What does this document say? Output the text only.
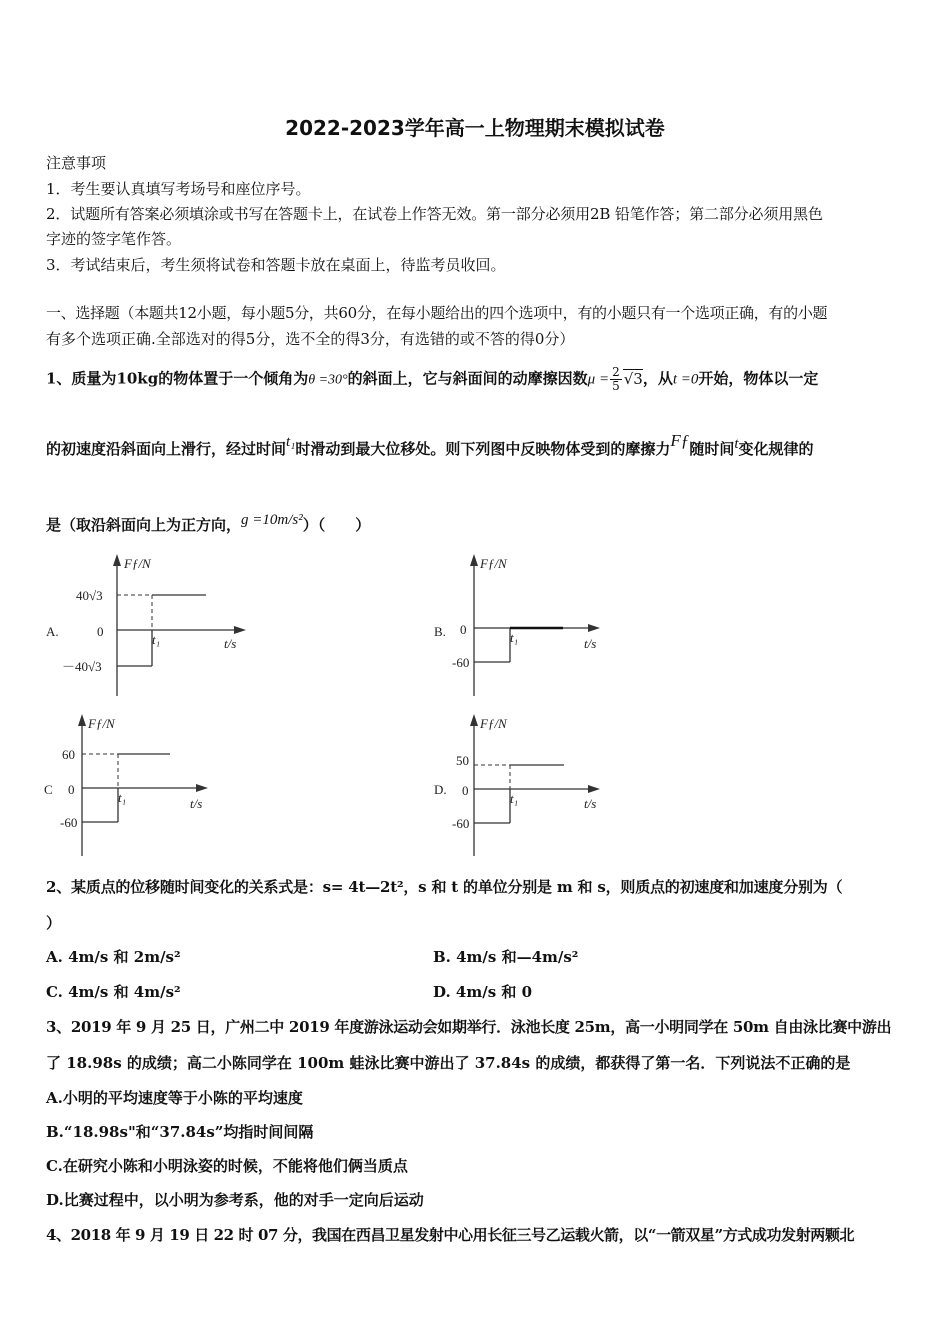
2022-2023学年高一上物理期末模拟试卷
注意事项
1．考生要认真填写考场号和座位序号。
2．试题所有答案必须填涂或书写在答题卡上，在试卷上作答无效。第一部分必须用2B 铅笔作答；第二部分必须用黑色
字迹的签字笔作答。
3．考试结束后，考生须将试卷和答题卡放在桌面上，待监考员收回。
一、选择题（本题共12小题，每小题5分，共60分，在每小题给出的四个选项中，有的小题只有一个选项正确，有的小题
有多个选项正确.全部选对的得5分，选不全的得3分，有选错的或不答的得0分）
1、质量为10kg的物体置于一个倾角为θ =30°的斜面上，它与斜面间的动摩擦因数$\mu = \frac{2}{5} √3$，从t =0开始，物体以一定
的初速度沿斜面向上滑行，经过时间t₁时滑动到最大位移处。则下列图中反映物体受到的摩擦力Fƒ随时间t变化规律的
是（取沿斜面向上为正方向，g =10m/s²）（　　）
A.
Fƒ/N
t/s
40√3
0
－40√3
t₁
B.
Fƒ/N
t/s
0
-60
t₁
C
Fƒ/N
t/s
60
0
-60
t₁
D.
Fƒ/N
t/s
50
0
-60
t₁
2、某质点的位移随时间变化的关系式是：s= 4t—2t²，s 和 t 的单位分别是 m 和 s，则质点的初速度和加速度分别为（
）
A. 4m/s 和 2m/s²	B. 4m/s 和—4m/s²
C. 4m/s 和 4m/s²	D. 4m/s 和 0
3、2019 年 9 月 25 日，广州二中 2019 年度游泳运动会如期举行．泳池长度 25m，高一小明同学在 50m 自由泳比赛中游出
了 18.98s 的成绩；高二小陈同学在 100m 蛙泳比赛中游出了 37.84s 的成绩，都获得了第一名．下列说法不正确的是
A.小明的平均速度等于小陈的平均速度
B.“18.98s"和“37.84s”均指时间间隔
C.在研究小陈和小明泳姿的时候，不能将他们俩当质点
D.比赛过程中，以小明为参考系，他的对手一定向后运动
4、2018 年 9 月 19 日 22 时 07 分，我国在西昌卫星发射中心用长征三号乙运载火箭，以“一箭双星”方式成功发射两颗北
